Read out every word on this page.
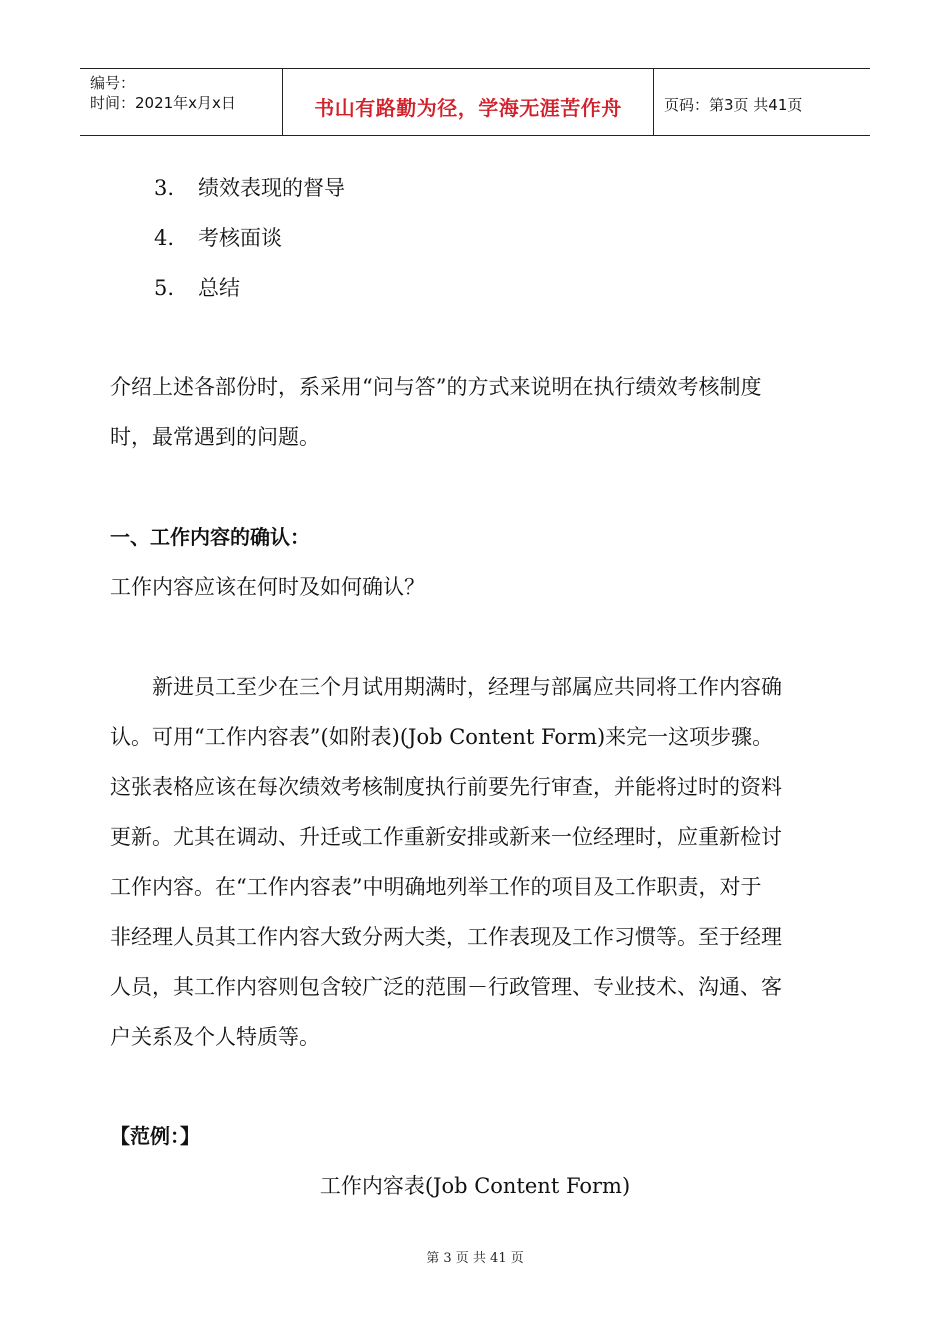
编号：
时间：2021年x月x日	书山有路勤为径，学海无涯苦作舟	页码：第3页 共41页
3. 绩效表现的督导
4. 考核面谈
5. 总结
介绍上述各部份时，系采用“问与答”的方式来说明在执行绩效考核制度
时，最常遇到的问题。
一、工作内容的确认：
工作内容应该在何时及如何确认？
　　新进员工至少在三个月试用期满时，经理与部属应共同将工作内容确
认。可用“工作内容表”(如附表)(Job Content Form)来完一这项步骤。
这张表格应该在每次绩效考核制度执行前要先行审查，并能将过时的资料
更新。尤其在调动、升迁或工作重新安排或新来一位经理时，应重新检讨
工作内容。在“工作内容表”中明确地列举工作的项目及工作职责，对于
非经理人员其工作内容大致分两大类，工作表现及工作习惯等。至于经理
人员，其工作内容则包含较广泛的范围－行政管理、专业技术、沟通、客
户关系及个人特质等。
【范例：】
工作内容表(Job Content Form)
第 3 页 共 41 页
